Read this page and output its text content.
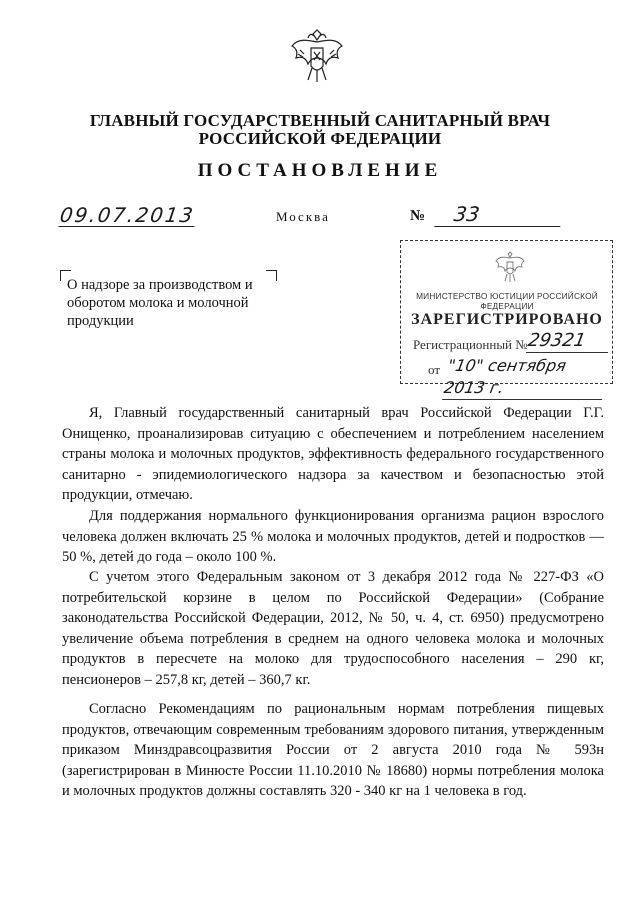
ГЛАВНЫЙ ГОСУДАРСТВЕННЫЙ САНИТАРНЫЙ ВРАЧ
РОССИЙСКОЙ ФЕДЕРАЦИИ
ПОСТАНОВЛЕНИЕ
09.07.2013	Москва	№	33
О надзоре за производством и
оборотом молока и молочной
продукции
МИНИСТЕРСТВО ЮСТИЦИИ РОССИЙСКОЙ ФЕДЕРАЦИИ
ЗАРЕГИСТРИРОВАНО
Регистрационный №
29321
от "10" сентября 2013 г.

Я, Главный государственный санитарный врач Российской Федерации Г.Г. Онищенко, проанализировав ситуацию с обеспечением и потреблением населением страны молока и молочных продуктов, эффективность федерального государственного санитарно - эпидемиологического надзора за качеством и безопасностью этой продукции, отмечаю.

Для поддержания нормального функционирования организма рацион взрослого человека должен включать 25 % молока и молочных продуктов, детей и подростков — 50 %, детей до года – около 100 %.

С учетом этого Федеральным законом от 3 декабря 2012 года № 227-ФЗ «О потребительской корзине в целом по Российской Федерации» (Собрание законодательства Российской Федерации, 2012, № 50, ч. 4, ст. 6950) предусмотрено увеличение объема потребления в среднем на одного человека молока и молочных продуктов в пересчете на молоко для трудоспособного населения – 290 кг, пенсионеров – 257,8 кг, детей – 360,7 кг.

Согласно Рекомендациям по рациональным нормам потребления пищевых продуктов, отвечающим современным требованиям здорового питания, утвержденным приказом Минздравсоцразвития России от 2 августа 2010 года № 593н (зарегистрирован в Минюсте России 11.10.2010 № 18680) нормы потребления молока и молочных продуктов должны составлять 320 - 340 кг на 1 человека в год.
